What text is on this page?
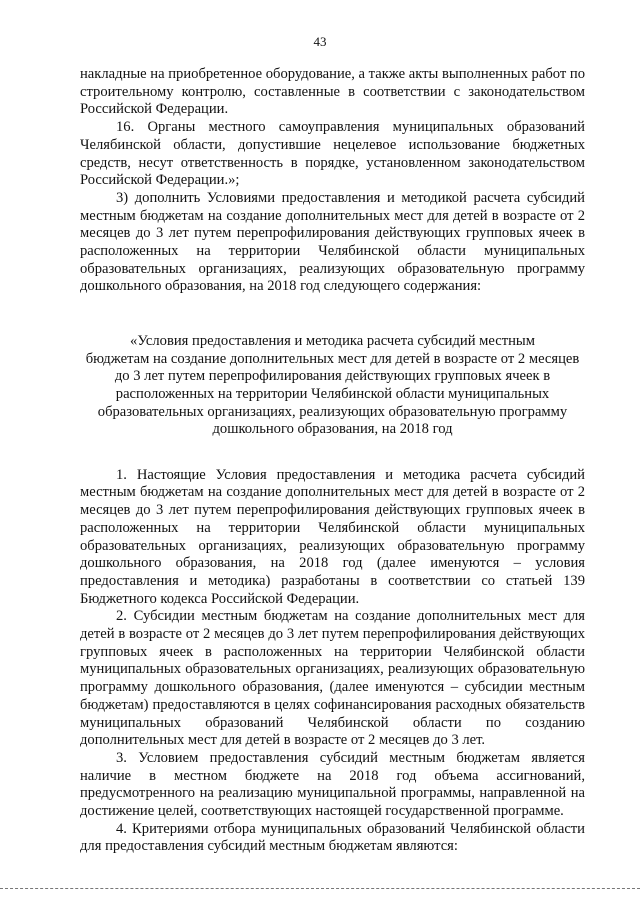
43

накладные на приобретенное оборудование, а также акты выполненных работ по строительному контролю, составленные в соответствии с законодательством Российской Федерации.

16. Органы местного самоуправления муниципальных образований Челябинской области, допустившие нецелевое использование бюджетных средств, несут ответственность в порядке, установленном законодательством Российской Федерации.»;

3) дополнить Условиями предоставления и методикой расчета субсидий местным бюджетам на создание дополнительных мест для детей в возрасте от 2 месяцев до 3 лет путем перепрофилирования действующих групповых ячеек в расположенных на территории Челябинской области муниципальных образовательных организациях, реализующих образовательную программу дошкольного образования, на 2018 год следующего содержания:

«Условия предоставления и методика расчета субсидий местным
бюджетам на создание дополнительных мест для детей в возрасте от 2 месяцев
до 3 лет путем перепрофилирования действующих групповых ячеек в
расположенных на территории Челябинской области муниципальных
образовательных организациях, реализующих образовательную программу
дошкольного образования, на 2018 год

1. Настоящие Условия предоставления и методика расчета субсидий местным бюджетам на создание дополнительных мест для детей в возрасте от 2 месяцев до 3 лет путем перепрофилирования действующих групповых ячеек в расположенных на территории Челябинской области муниципальных образовательных организациях, реализующих образовательную программу дошкольного образования, на 2018 год (далее именуются – условия предоставления и методика) разработаны в соответствии со статьей 139 Бюджетного кодекса Российской Федерации.

2. Субсидии местным бюджетам на создание дополнительных мест для детей в возрасте от 2 месяцев до 3 лет путем перепрофилирования действующих групповых ячеек в расположенных на территории Челябинской области муниципальных образовательных организациях, реализующих образовательную программу дошкольного образования, (далее именуются – субсидии местным бюджетам) предоставляются в целях софинансирования расходных обязательств муниципальных образований Челябинской области по созданию дополнительных мест для детей в возрасте от 2 месяцев до 3 лет.

3. Условием предоставления субсидий местным бюджетам является наличие в местном бюджете на 2018 год объема ассигнований, предусмотренного на реализацию муниципальной программы, направленной на достижение целей, соответствующих настоящей государственной программе.

4. Критериями отбора муниципальных образований Челябинской области для предоставления субсидий местным бюджетам являются:
